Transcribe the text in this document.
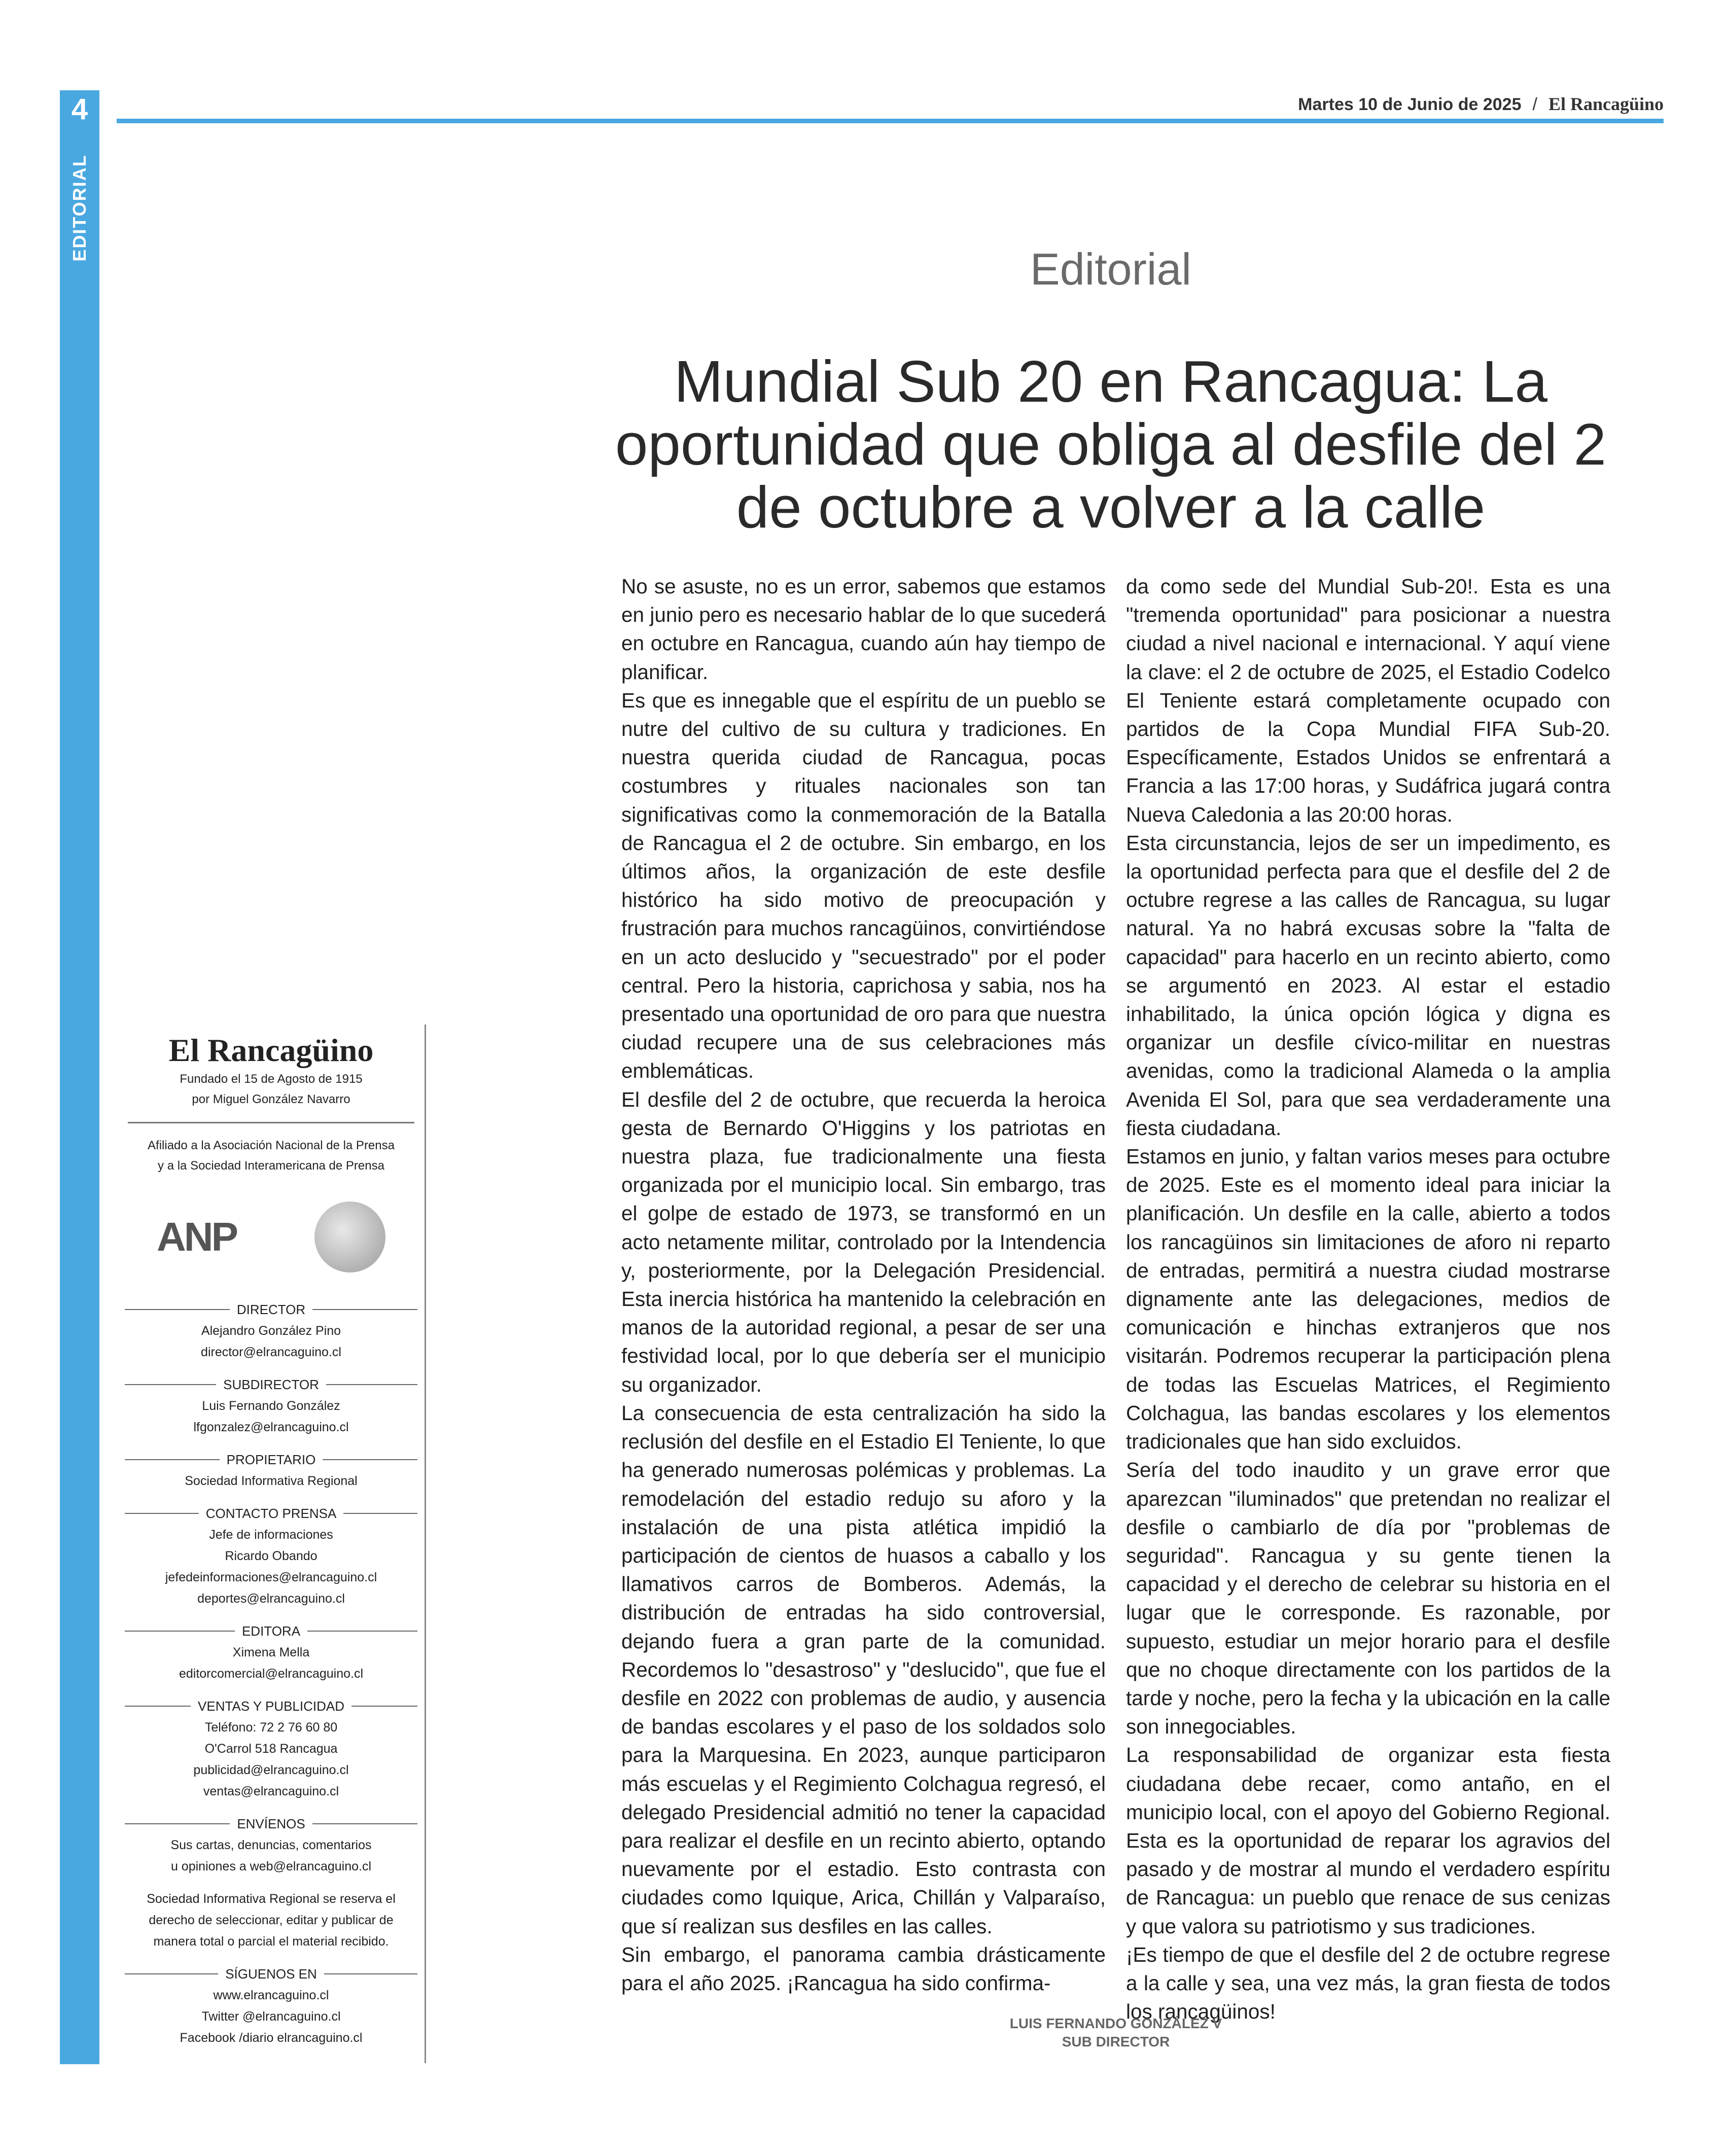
4
EDITORIAL
Martes 10 de Junio de 2025 / El Rancagüino
Editorial
Mundial Sub 20 en Rancagua: La oportunidad que obliga al desfile del 2 de octubre a volver a la calle

No se asuste, no es un error, sabemos que estamos en junio pero es necesario hablar de lo que sucederá en octubre en Rancagua, cuando aún hay tiempo de planificar.

Es que es innegable que el espíritu de un pueblo se nutre del cultivo de su cultura y tradiciones. En nuestra querida ciudad de Rancagua, pocas costumbres y rituales nacionales son tan significativas como la conmemoración de la Batalla de Rancagua el 2 de octubre. Sin embargo, en los últimos años, la organización de este desfile histórico ha sido motivo de preocupación y frustración para muchos rancagüinos, convirtiéndose en un acto deslucido y "secuestrado" por el poder central. Pero la historia, caprichosa y sabia, nos ha presentado una oportunidad de oro para que nuestra ciudad recupere una de sus celebraciones más emblemáticas.

El desfile del 2 de octubre, que recuerda la heroica gesta de Bernardo O'Higgins y los patriotas en nuestra plaza, fue tradicionalmente una fiesta organizada por el municipio local. Sin embargo, tras el golpe de estado de 1973, se transformó en un acto netamente militar, controlado por la Intendencia y, posteriormente, por la Delegación Presidencial. Esta inercia histórica ha mantenido la celebración en manos de la autoridad regional, a pesar de ser una festividad local, por lo que debería ser el municipio su organizador.

La consecuencia de esta centralización ha sido la reclusión del desfile en el Estadio El Teniente, lo que ha generado numerosas polémicas y problemas. La remodelación del estadio redujo su aforo y la instalación de una pista atlética impidió la participación de cientos de huasos a caballo y los llamativos carros de Bomberos. Además, la distribución de entradas ha sido controversial, dejando fuera a gran parte de la comunidad. Recordemos lo "desastroso" y "deslucido", que fue el desfile en 2022 con problemas de audio, y ausencia de bandas escolares y el paso de los soldados solo para la Marquesina. En 2023, aunque participaron más escuelas y el Regimiento Colchagua regresó, el delegado Presidencial admitió no tener la capacidad para realizar el desfile en un recinto abierto, optando nuevamente por el estadio. Esto contrasta con ciudades como Iquique, Arica, Chillán y Valparaíso, que sí realizan sus desfiles en las calles.

Sin embargo, el panorama cambia drásticamente para el año 2025. ¡Rancagua ha sido confirma-

da como sede del Mundial Sub-20!. Esta es una "tremenda oportunidad" para posicionar a nuestra ciudad a nivel nacional e internacional. Y aquí viene la clave: el 2 de octubre de 2025, el Estadio Codelco El Teniente estará completamente ocupado con partidos de la Copa Mundial FIFA Sub-20. Específicamente, Estados Unidos se enfrentará a Francia a las 17:00 horas, y Sudáfrica jugará contra Nueva Caledonia a las 20:00 horas.

Esta circunstancia, lejos de ser un impedimento, es la oportunidad perfecta para que el desfile del 2 de octubre regrese a las calles de Rancagua, su lugar natural. Ya no habrá excusas sobre la "falta de capacidad" para hacerlo en un recinto abierto, como se argumentó en 2023. Al estar el estadio inhabilitado, la única opción lógica y digna es organizar un desfile cívico-militar en nuestras avenidas, como la tradicional Alameda o la amplia Avenida El Sol, para que sea verdaderamente una fiesta ciudadana.

Estamos en junio, y faltan varios meses para octubre de 2025. Este es el momento ideal para iniciar la planificación. Un desfile en la calle, abierto a todos los rancagüinos sin limitaciones de aforo ni reparto de entradas, permitirá a nuestra ciudad mostrarse dignamente ante las delegaciones, medios de comunicación e hinchas extranjeros que nos visitarán. Podremos recuperar la participación plena de todas las Escuelas Matrices, el Regimiento Colchagua, las bandas escolares y los elementos tradicionales que han sido excluidos.

Sería del todo inaudito y un grave error que aparezcan "iluminados" que pretendan no realizar el desfile o cambiarlo de día por "problemas de seguridad". Rancagua y su gente tienen la capacidad y el derecho de celebrar su historia en el lugar que le corresponde. Es razonable, por supuesto, estudiar un mejor horario para el desfile que no choque directamente con los partidos de la tarde y noche, pero la fecha y la ubicación en la calle son innegociables.

La responsabilidad de organizar esta fiesta ciudadana debe recaer, como antaño, en el municipio local, con el apoyo del Gobierno Regional. Esta es la oportunidad de reparar los agravios del pasado y de mostrar al mundo el verdadero espíritu de Rancagua: un pueblo que renace de sus cenizas y que valora su patriotismo y sus tradiciones.

¡Es tiempo de que el desfile del 2 de octubre regrese a la calle y sea, una vez más, la gran fiesta de todos los rancagüinos!

LUIS FERNANDO GONZÁLEZ V
SUB DIRECTOR
El Rancagüino
Fundado el 15 de Agosto de 1915
por Miguel González Navarro
Afiliado a la Asociación Nacional de la Prensa
y a la Sociedad Interamericana de Prensa
ANP
DIRECTOR
Alejandro González Pino
director@elrancaguino.cl
SUBDIRECTOR
Luis Fernando González
lfgonzalez@elrancaguino.cl
PROPIETARIO
Sociedad Informativa Regional
CONTACTO PRENSA
Jefe de informaciones
Ricardo Obando
jefedeinformaciones@elrancaguino.cl
deportes@elrancaguino.cl
EDITORA
Ximena Mella
editorcomercial@elrancaguino.cl
VENTAS Y PUBLICIDAD
Teléfono: 72 2 76 60 80
O'Carrol 518 Rancagua
publicidad@elrancaguino.cl
ventas@elrancaguino.cl
ENVÍENOS
Sus cartas, denuncias, comentarios
u opiniones a web@elrancaguino.cl
Sociedad Informativa Regional se reserva el derecho de seleccionar, editar y publicar de manera total o parcial el material recibido.
SÍGUENOS EN
www.elrancaguino.cl
Twitter @elrancaguino.cl
Facebook /diario elrancaguino.cl
